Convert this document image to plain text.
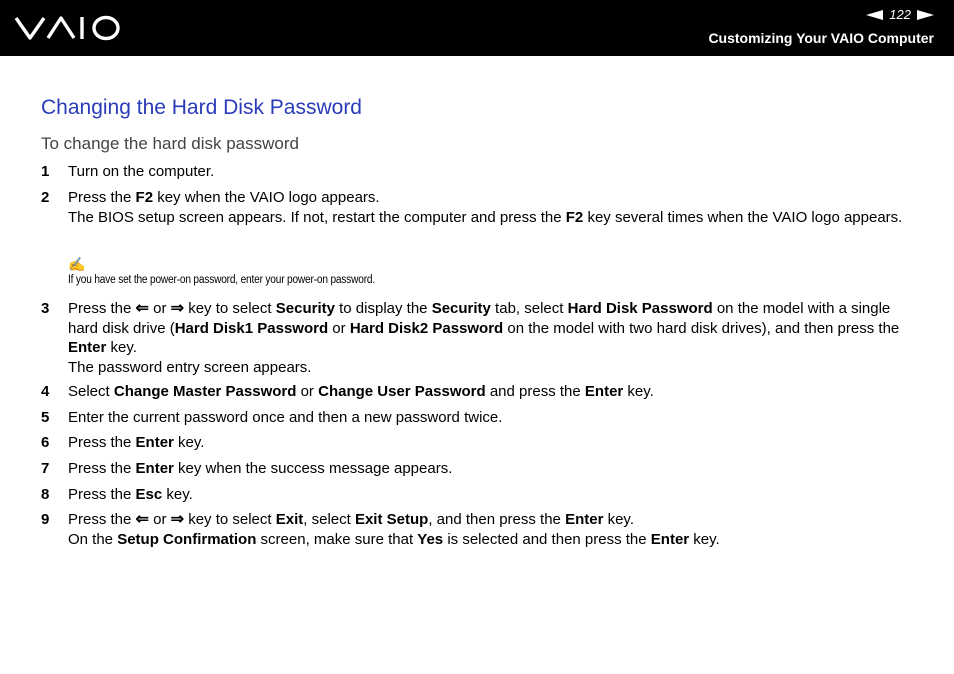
122
Customizing Your VAIO Computer
Changing the Hard Disk Password
To change the hard disk password
1	Turn on the computer.
2	Press the F2 key when the VAIO logo appears.
The BIOS setup screen appears. If not, restart the computer and press the F2 key several times when the VAIO logo appears.
✍
If you have set the power-on password, enter your power-on password.
3	Press the ⇐ or ⇒ key to select Security to display the Security tab, select Hard Disk Password on the model with a single hard disk drive (Hard Disk1 Password or Hard Disk2 Password on the model with two hard disk drives), and then press the Enter key.
The password entry screen appears.
4	Select Change Master Password or Change User Password and press the Enter key.
5	Enter the current password once and then a new password twice.
6	Press the Enter key.
7	Press the Enter key when the success message appears.
8	Press the Esc key.
9	Press the ⇐ or ⇒ key to select Exit, select Exit Setup, and then press the Enter key.
On the Setup Confirmation screen, make sure that Yes is selected and then press the Enter key.
